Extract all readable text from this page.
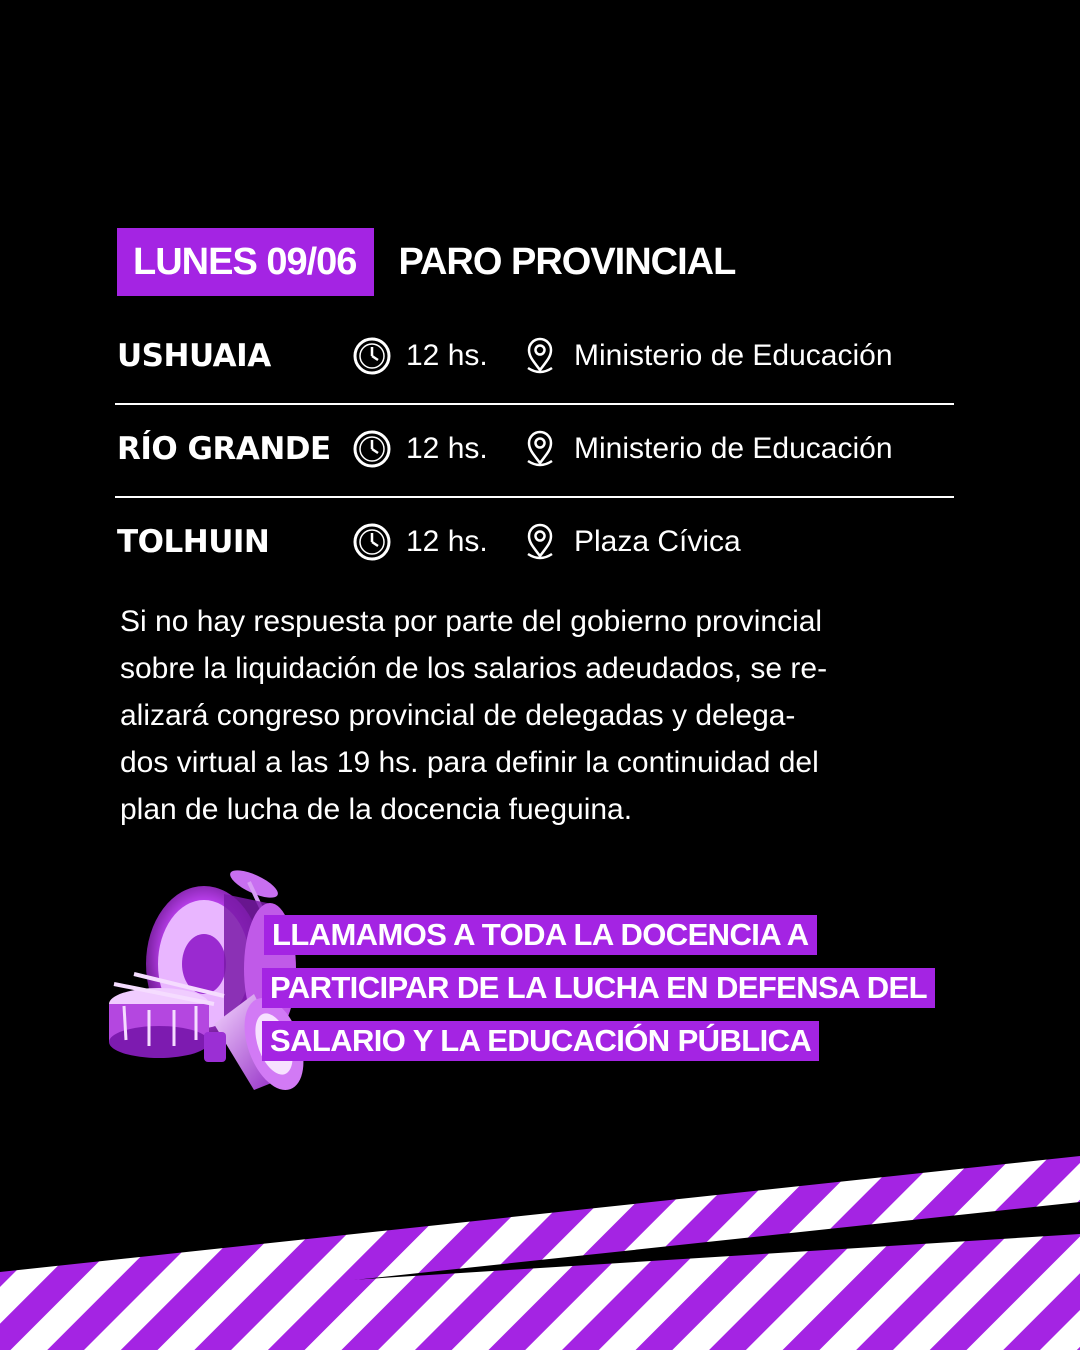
LUNES 09/06	PARO PROVINCIAL
USHUAIA	12 hs.	Ministerio de Educación
RÍO GRANDE	12 hs.	Ministerio de Educación
TOLHUIN	12 hs.	Plaza Cívica
Si no hay respuesta por parte del gobierno provincial
sobre la liquidación de los salarios adeudados, se re-
alizará congreso provincial de delegadas y delega-
dos virtual a las 19 hs. para definir la continuidad del
plan de lucha de la docencia fueguina.
LLAMAMOS A TODA LA DOCENCIA A
PARTICIPAR DE LA LUCHA EN DEFENSA DEL
SALARIO Y LA EDUCACIÓN PÚBLICA
